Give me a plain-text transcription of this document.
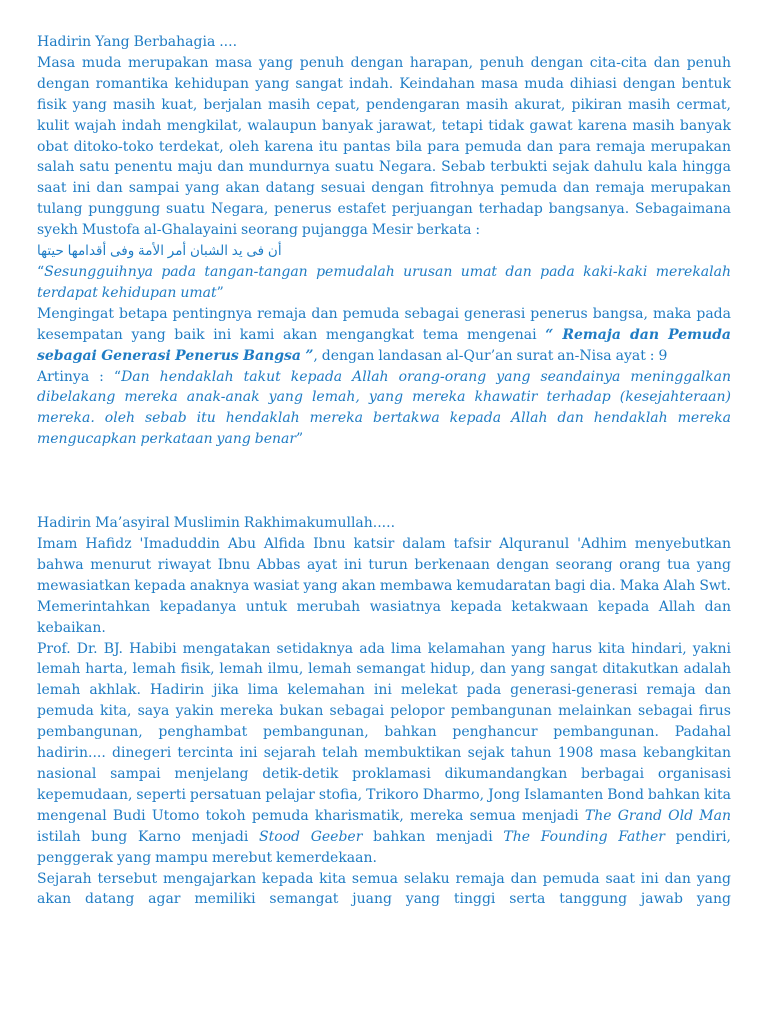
Hadirin Yang Berbahagia ....

Masa muda merupakan masa yang penuh dengan harapan, penuh dengan cita-cita dan penuh dengan romantika kehidupan yang sangat indah. Keindahan masa muda dihiasi dengan bentuk fisik yang masih kuat, berjalan masih cepat, pendengaran masih akurat, pikiran masih cermat, kulit wajah indah mengkilat, walaupun banyak jarawat, tetapi tidak gawat karena masih banyak obat ditoko-toko terdekat, oleh karena itu pantas bila para pemuda dan para remaja merupakan salah satu penentu maju dan mundurnya suatu Negara. Sebab terbukti sejak dahulu kala hingga saat ini dan sampai yang akan datang sesuai dengan fitrohnya pemuda dan remaja merupakan tulang punggung suatu Negara, penerus estafet perjuangan terhadap bangsanya. Sebagaimana syekh Mustofa al-Ghalayaini seorang pujangga Mesir berkata :

أن فى يد الشبان أمر الأمة وفى أقدامها حيتها

“Sesungguihnya pada tangan-tangan pemudalah urusan umat dan pada kaki-kaki merekalah terdapat kehidupan umat”

Mengingat betapa pentingnya remaja dan pemuda sebagai generasi penerus bangsa, maka pada kesempatan yang baik ini kami akan mengangkat tema mengenai “ Remaja dan Pemuda sebagai Generasi Penerus Bangsa ”, dengan landasan al-Qur’an surat an-Nisa ayat : 9

Artinya : “Dan hendaklah takut kepada Allah orang-orang yang seandainya meninggalkan dibelakang mereka anak-anak yang lemah, yang mereka khawatir terhadap (kesejahteraan) mereka. oleh sebab itu hendaklah mereka bertakwa kepada Allah dan hendaklah mereka mengucapkan perkataan yang benar”

Hadirin Ma’asyiral Muslimin Rakhimakumullah.....

Imam Hafidz 'Imaduddin Abu Alfida Ibnu katsir dalam tafsir Alquranul 'Adhim menyebutkan bahwa menurut riwayat Ibnu Abbas ayat ini turun berkenaan dengan seorang orang tua yang mewasiatkan kepada anaknya wasiat yang akan membawa kemudaratan bagi dia. Maka Alah Swt. Memerintahkan kepadanya untuk merubah wasiatnya kepada ketakwaan kepada Allah dan kebaikan.

Prof. Dr. BJ. Habibi mengatakan setidaknya ada lima kelamahan yang harus kita hindari, yakni lemah harta, lemah fisik, lemah ilmu, lemah semangat hidup, dan yang sangat ditakutkan adalah lemah akhlak. Hadirin jika lima kelemahan ini melekat pada generasi-generasi remaja dan pemuda kita, saya yakin mereka bukan sebagai pelopor pembangunan melainkan sebagai firus pembangunan, penghambat pembangunan, bahkan penghancur pembangunan. Padahal hadirin.... dinegeri tercinta ini sejarah telah membuktikan sejak tahun 1908 masa kebangkitan nasional sampai menjelang detik-detik proklamasi dikumandangkan berbagai organisasi kepemudaan, seperti persatuan pelajar stofia, Trikoro Dharmo, Jong Islamanten Bond bahkan kita mengenal Budi Utomo tokoh pemuda kharismatik, mereka semua menjadi The Grand Old Man istilah bung Karno menjadi Stood Geeber bahkan menjadi The Founding Father pendiri, penggerak yang mampu merebut kemerdekaan.

Sejarah tersebut mengajarkan kepada kita semua selaku remaja dan pemuda saat ini dan yang akan datang agar memiliki semangat juang yang tinggi serta tanggung jawab yang
